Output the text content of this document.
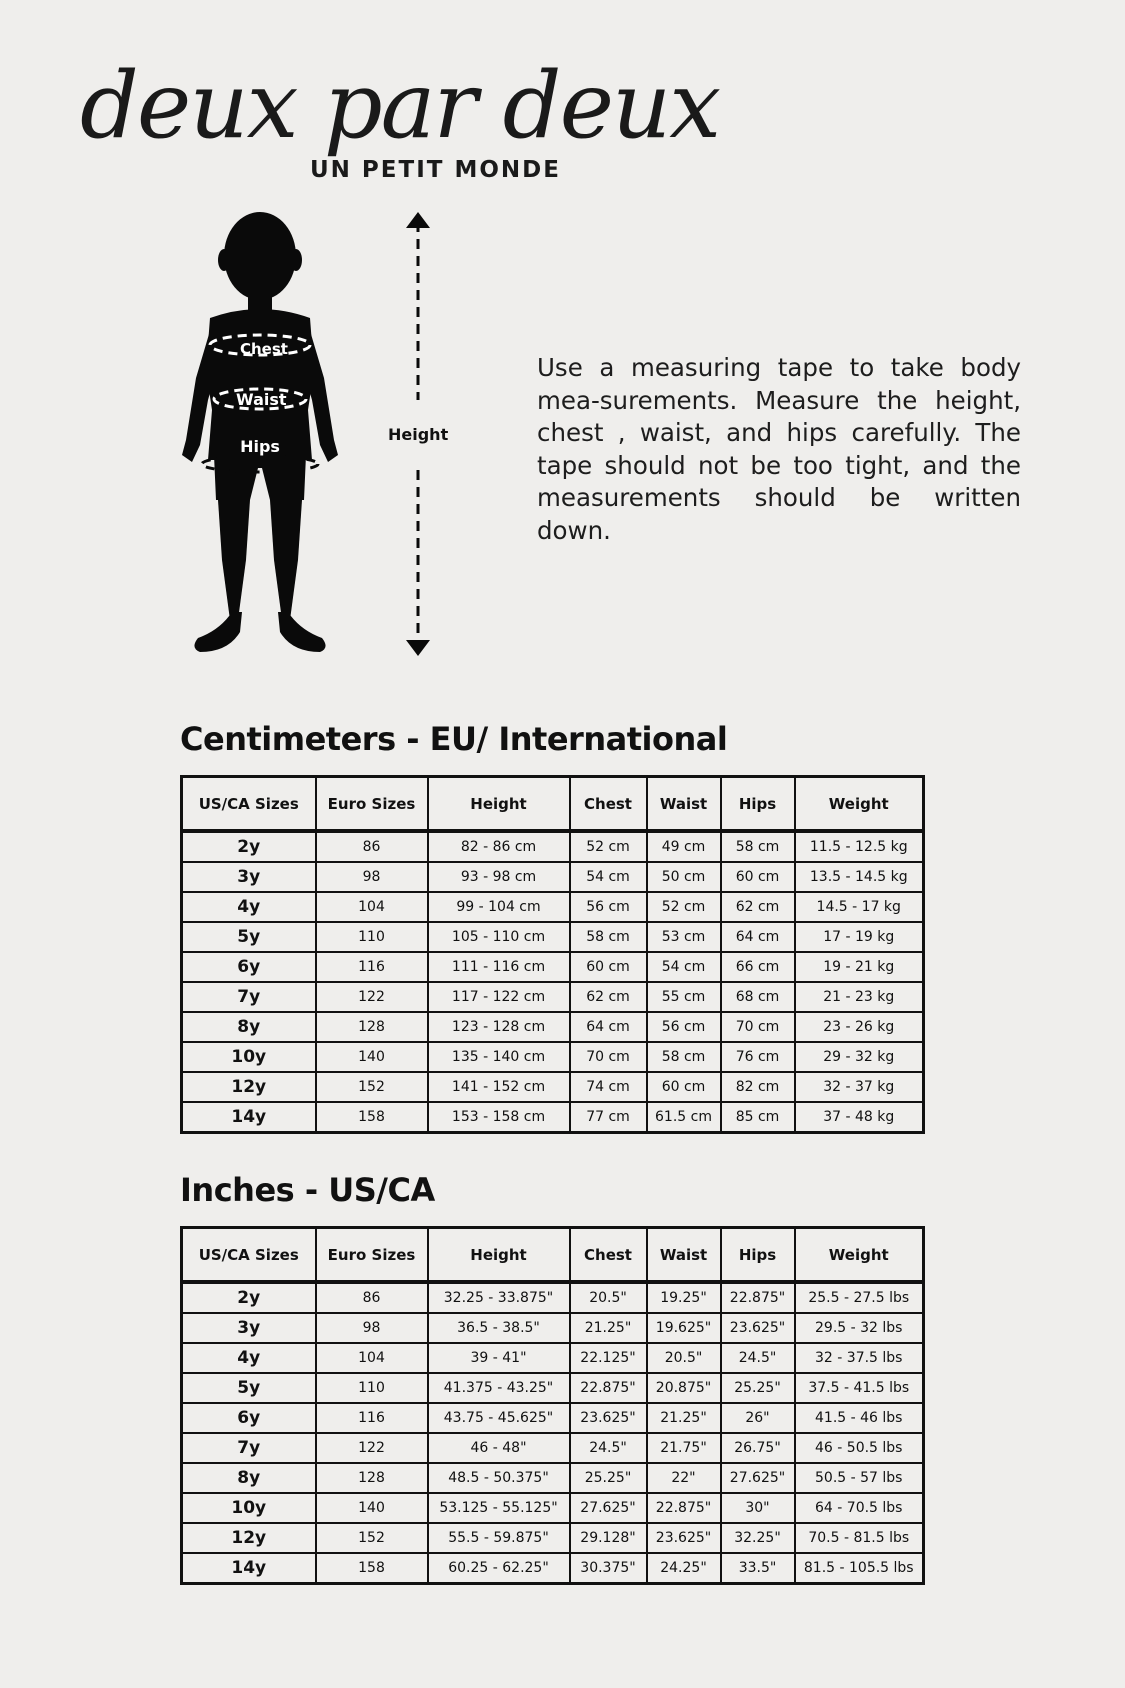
deux par deux
UN PETIT MONDE
Chest
Waist
Hips
Height

Use a measuring tape to take body mea-surements. Measure the height, chest , waist, and hips carefully. The tape should not be too tight, and the measurements should be written down.

Centimeters - EU/ International
US/CA Sizes	Euro Sizes	Height	Chest	Waist	Hips	Weight
2y	86	82 - 86 cm	52 cm	49 cm	58 cm	11.5 - 12.5 kg
3y	98	93 - 98 cm	54 cm	50 cm	60 cm	13.5 - 14.5 kg
4y	104	99 - 104 cm	56 cm	52 cm	62 cm	14.5 - 17 kg
5y	110	105 - 110 cm	58 cm	53 cm	64 cm	17 - 19 kg
6y	116	111 - 116 cm	60 cm	54 cm	66 cm	19 - 21 kg
7y	122	117 - 122 cm	62 cm	55 cm	68 cm	21 - 23 kg
8y	128	123 - 128 cm	64 cm	56 cm	70 cm	23 - 26 kg
10y	140	135 - 140 cm	70 cm	58 cm	76 cm	29 - 32 kg
12y	152	141 - 152 cm	74 cm	60 cm	82 cm	32 - 37 kg
14y	158	153 - 158 cm	77 cm	61.5 cm	85 cm	37 - 48 kg
Inches - US/CA
US/CA Sizes	Euro Sizes	Height	Chest	Waist	Hips	Weight
2y	86	32.25 - 33.875"	20.5"	19.25"	22.875"	25.5 - 27.5 lbs
3y	98	36.5 - 38.5"	21.25"	19.625"	23.625"	29.5 - 32 lbs
4y	104	39 - 41"	22.125"	20.5"	24.5"	32 - 37.5 lbs
5y	110	41.375 - 43.25"	22.875"	20.875"	25.25"	37.5 - 41.5 lbs
6y	116	43.75 - 45.625"	23.625"	21.25"	26"	41.5 - 46 lbs
7y	122	46 - 48"	24.5"	21.75"	26.75"	46 - 50.5 lbs
8y	128	48.5 - 50.375"	25.25"	22"	27.625"	50.5 - 57 lbs
10y	140	53.125 - 55.125"	27.625"	22.875"	30"	64 - 70.5 lbs
12y	152	55.5 - 59.875"	29.128"	23.625"	32.25"	70.5 - 81.5 lbs
14y	158	60.25 - 62.25"	30.375"	24.25"	33.5"	81.5 - 105.5 lbs
